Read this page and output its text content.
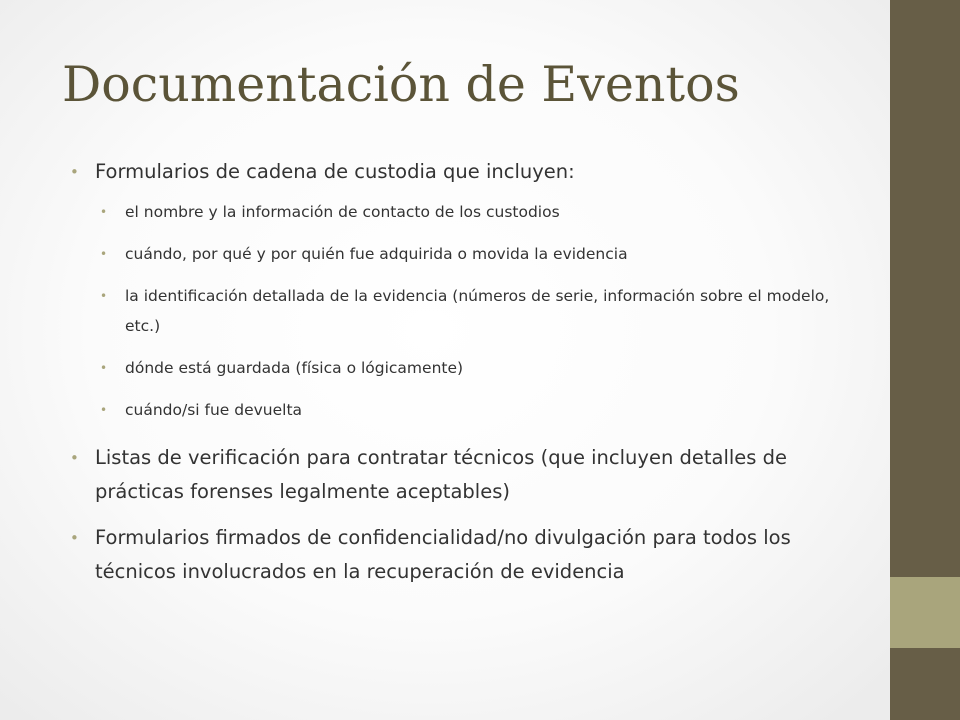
Documentación de Eventos
• Formularios de cadena de custodia que incluyen:
• el nombre y la información de contacto de los custodios
• cuándo, por qué y por quién fue adquirida o movida la evidencia
• la identificación detallada de la evidencia (números de serie, información sobre el modelo, etc.)
• dónde está guardada (física o lógicamente)
• cuándo/si fue devuelta
• Listas de verificación para contratar técnicos (que incluyen detalles de prácticas forenses legalmente aceptables)
• Formularios firmados de confidencialidad/no divulgación para todos los técnicos involucrados en la recuperación de evidencia
